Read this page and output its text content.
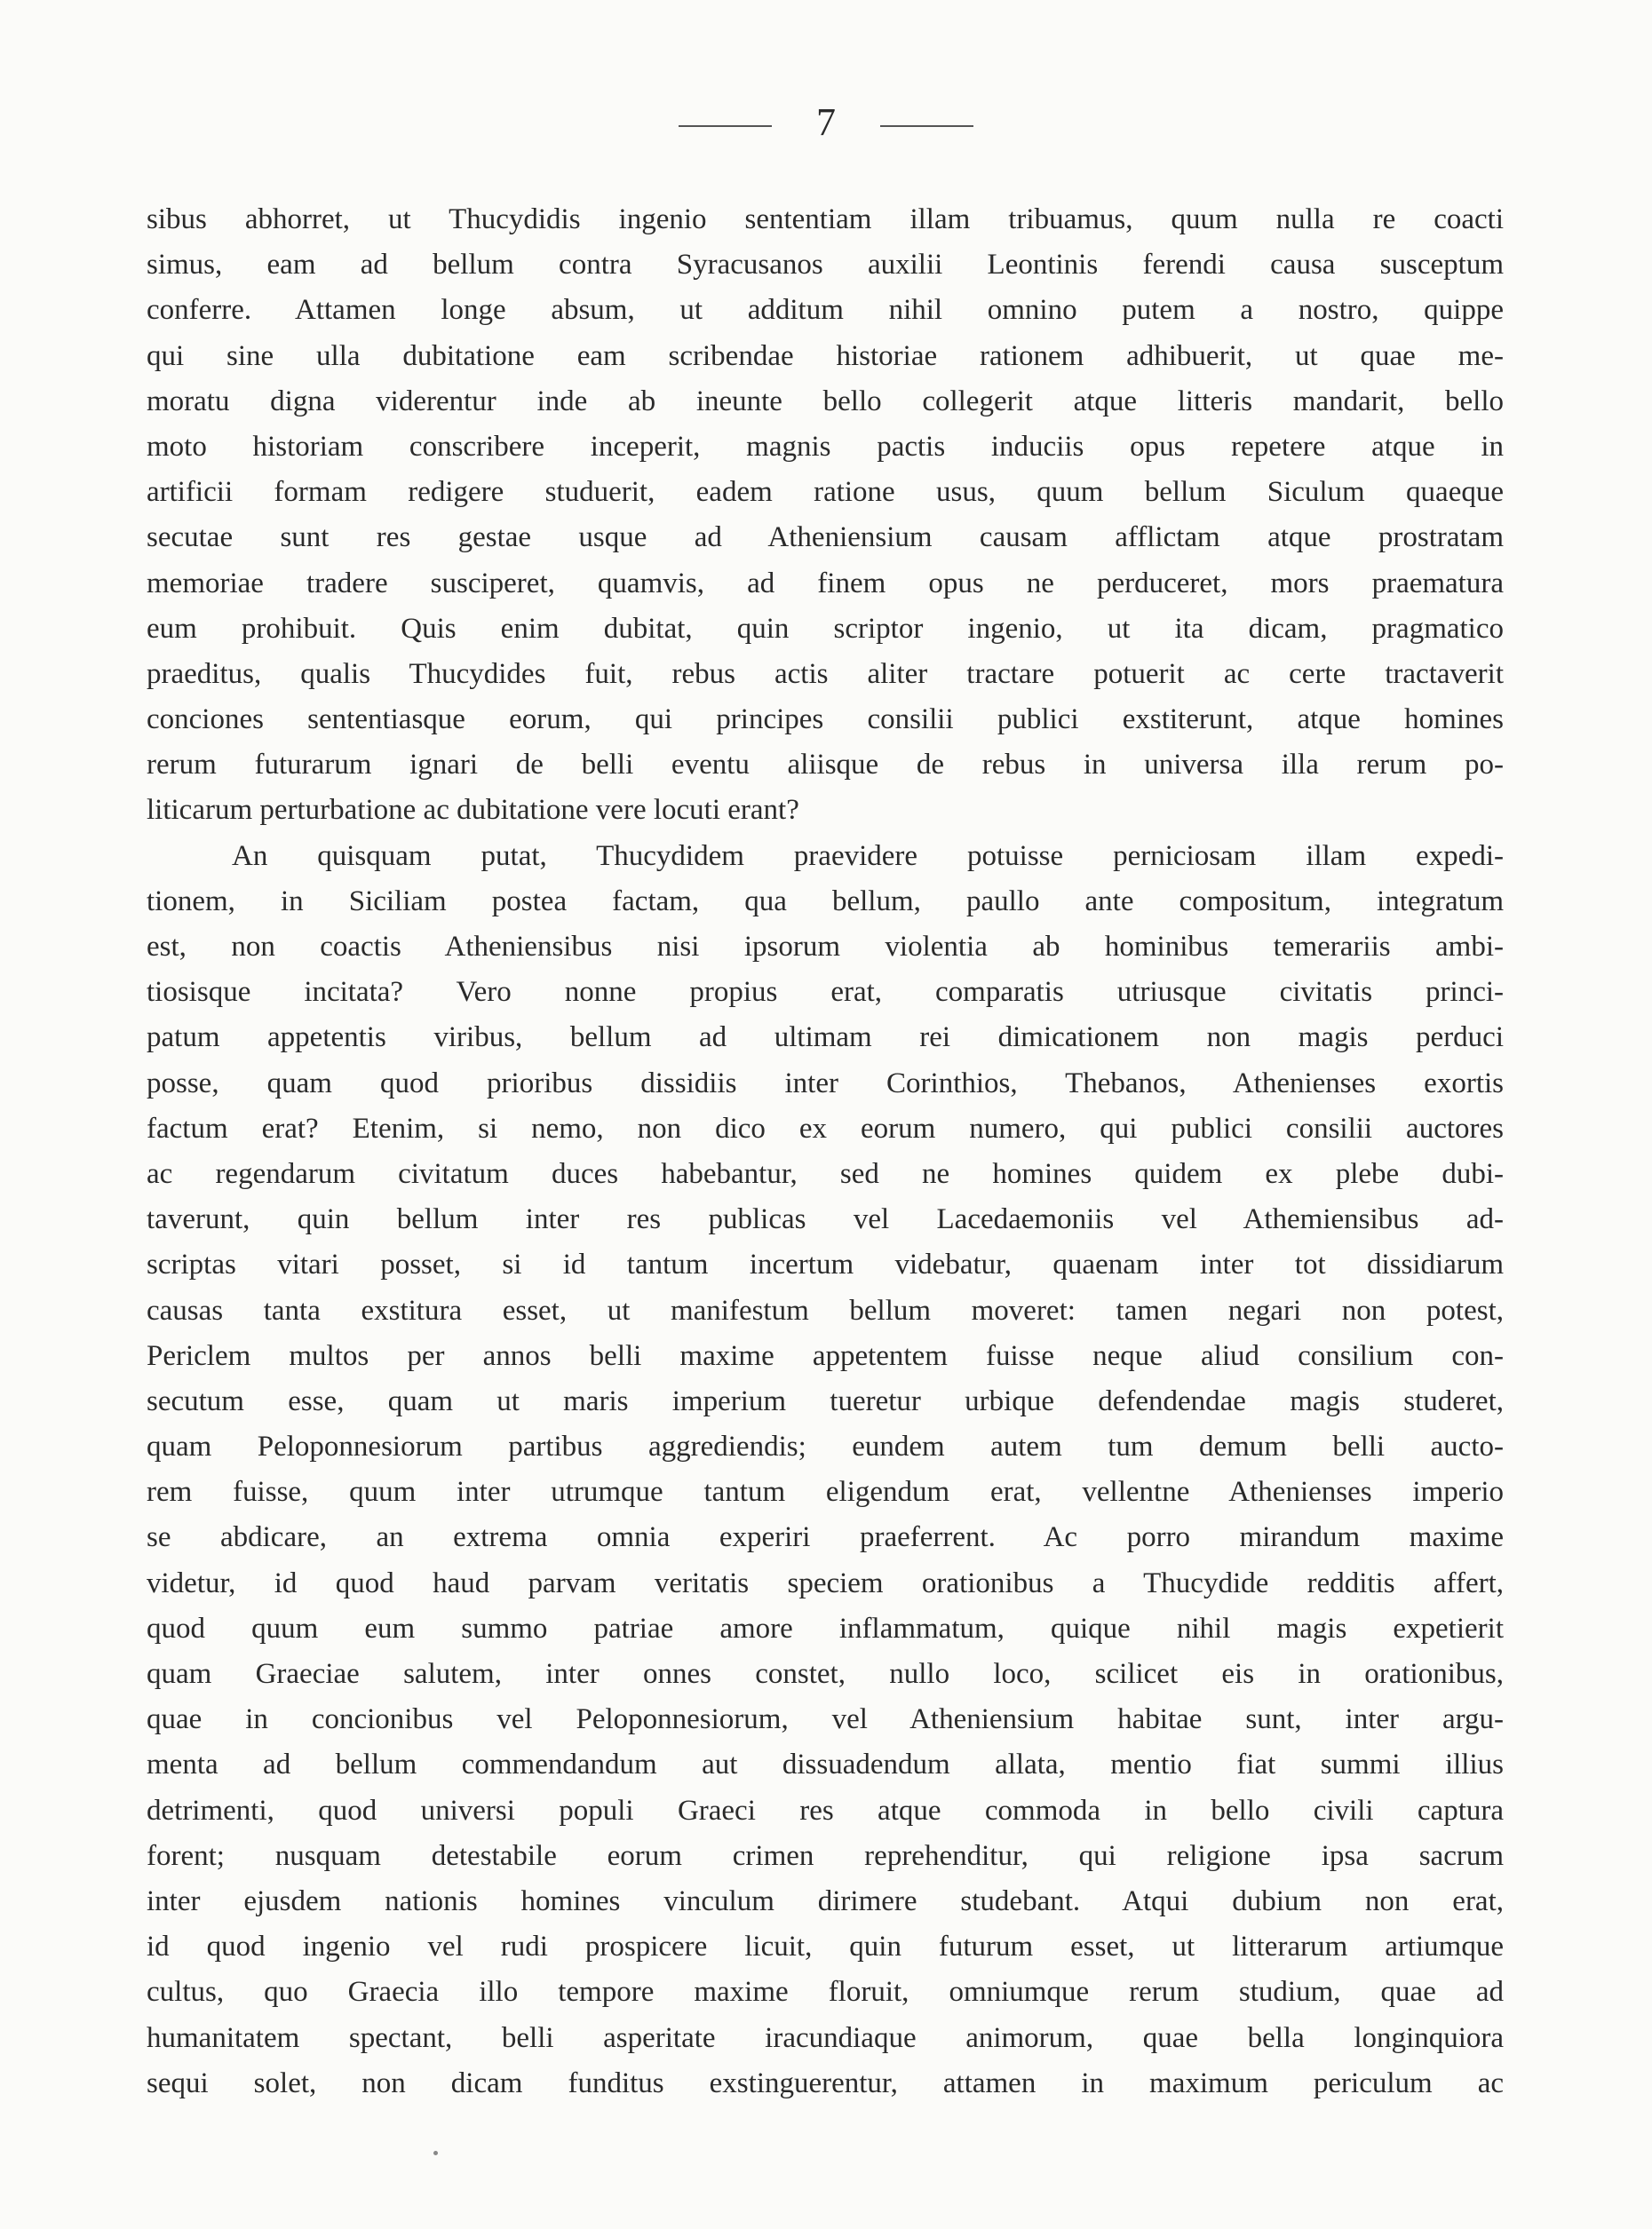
7
sibus abhorret, ut Thucydidis ingenio sententiam illam tribuamus, quum nulla re coacti
simus, eam ad bellum contra Syracusanos auxilii Leontinis ferendi causa susceptum
conferre. Attamen longe absum, ut additum nihil omnino putem a nostro, quippe
qui sine ulla dubitatione eam scribendae historiae rationem adhibuerit, ut quae me-
moratu digna viderentur inde ab ineunte bello collegerit atque litteris mandarit, bello
moto historiam conscribere inceperit, magnis pactis induciis opus repetere atque in
artificii formam redigere studuerit, eadem ratione usus, quum bellum Siculum quaeque
secutae sunt res gestae usque ad Atheniensium causam afflictam atque prostratam
memoriae tradere susciperet, quamvis, ad finem opus ne perduceret, mors praematura
eum prohibuit. Quis enim dubitat, quin scriptor ingenio, ut ita dicam, pragmatico
praeditus, qualis Thucydides fuit, rebus actis aliter tractare potuerit ac certe tractaverit
conciones sententiasque eorum, qui principes consilii publici exstiterunt, atque homines
rerum futurarum ignari de belli eventu aliisque de rebus in universa illa rerum po-
liticarum perturbatione ac dubitatione vere locuti erant?
An quisquam putat, Thucydidem praevidere potuisse perniciosam illam expedi-
tionem, in Siciliam postea factam, qua bellum, paullo ante compositum, integratum
est, non coactis Atheniensibus nisi ipsorum violentia ab hominibus temerariis ambi-
tiosisque incitata? Vero nonne propius erat, comparatis utriusque civitatis princi-
patum appetentis viribus, bellum ad ultimam rei dimicationem non magis perduci
posse, quam quod prioribus dissidiis inter Corinthios, Thebanos, Athenienses exortis
factum erat? Etenim, si nemo, non dico ex eorum numero, qui publici consilii auctores
ac regendarum civitatum duces habebantur, sed ne homines quidem ex plebe dubi-
taverunt, quin bellum inter res publicas vel Lacedaemoniis vel Athemiensibus ad-
scriptas vitari posset, si id tantum incertum videbatur, quaenam inter tot dissidiarum
causas tanta exstitura esset, ut manifestum bellum moveret: tamen negari non potest,
Periclem multos per annos belli maxime appetentem fuisse neque aliud consilium con-
secutum esse, quam ut maris imperium tueretur urbique defendendae magis studeret,
quam Peloponnesiorum partibus aggrediendis; eundem autem tum demum belli aucto-
rem fuisse, quum inter utrumque tantum eligendum erat, vellentne Athenienses imperio
se abdicare, an extrema omnia experiri praeferrent. Ac porro mirandum maxime
videtur, id quod haud parvam veritatis speciem orationibus a Thucydide redditis affert,
quod quum eum summo patriae amore inflammatum, quique nihil magis expetierit
quam Graeciae salutem, inter onnes constet, nullo loco, scilicet eis in orationibus,
quae in concionibus vel Peloponnesiorum, vel Atheniensium habitae sunt, inter argu-
menta ad bellum commendandum aut dissuadendum allata, mentio fiat summi illius
detrimenti, quod universi populi Graeci res atque commoda in bello civili captura
forent; nusquam detestabile eorum crimen reprehenditur, qui religione ipsa sacrum
inter ejusdem nationis homines vinculum dirimere studebant. Atqui dubium non erat,
id quod ingenio vel rudi prospicere licuit, quin futurum esset, ut litterarum artiumque
cultus, quo Graecia illo tempore maxime floruit, omniumque rerum studium, quae ad
humanitatem spectant, belli asperitate iracundiaque animorum, quae bella longinquiora
sequi solet, non dicam funditus exstinguerentur, attamen in maximum periculum ac
